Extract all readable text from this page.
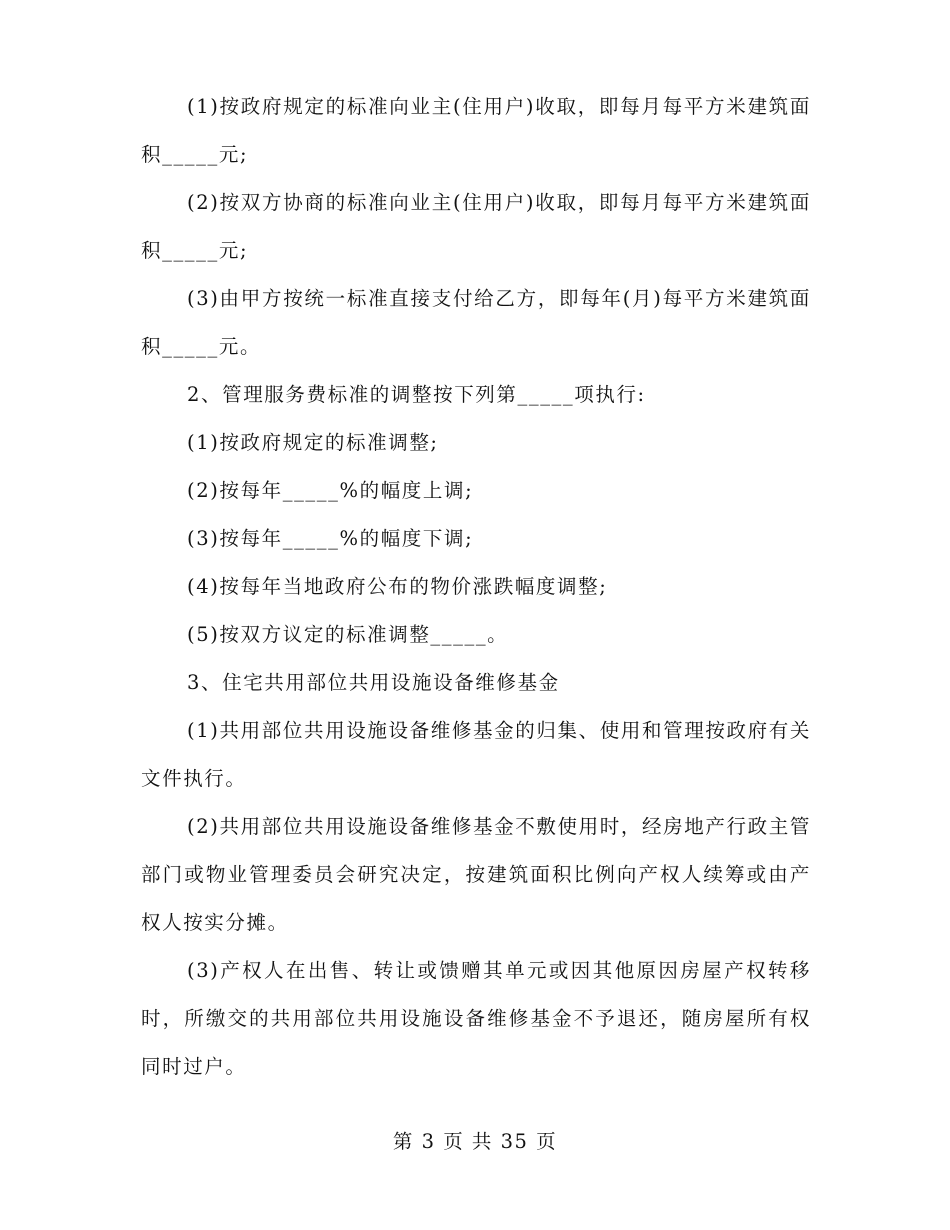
(1)按政府规定的标准向业主(住用户)收取，即每月每平方米建筑面积_____元;

(2)按双方协商的标准向业主(住用户)收取，即每月每平方米建筑面积_____元;

(3)由甲方按统一标准直接支付给乙方，即每年(月)每平方米建筑面积_____元。

2、管理服务费标准的调整按下列第_____项执行:

(1)按政府规定的标准调整;

(2)按每年_____%的幅度上调;

(3)按每年_____%的幅度下调;

(4)按每年当地政府公布的物价涨跌幅度调整;

(5)按双方议定的标准调整_____。

3、住宅共用部位共用设施设备维修基金

(1)共用部位共用设施设备维修基金的归集、使用和管理按政府有关文件执行。

(2)共用部位共用设施设备维修基金不敷使用时，经房地产行政主管部门或物业管理委员会研究决定，按建筑面积比例向产权人续筹或由产权人按实分摊。

(3)产权人在出售、转让或馈赠其单元或因其他原因房屋产权转移时，所缴交的共用部位共用设施设备维修基金不予退还，随房屋所有权同时过户。

第 3 页 共 35 页
